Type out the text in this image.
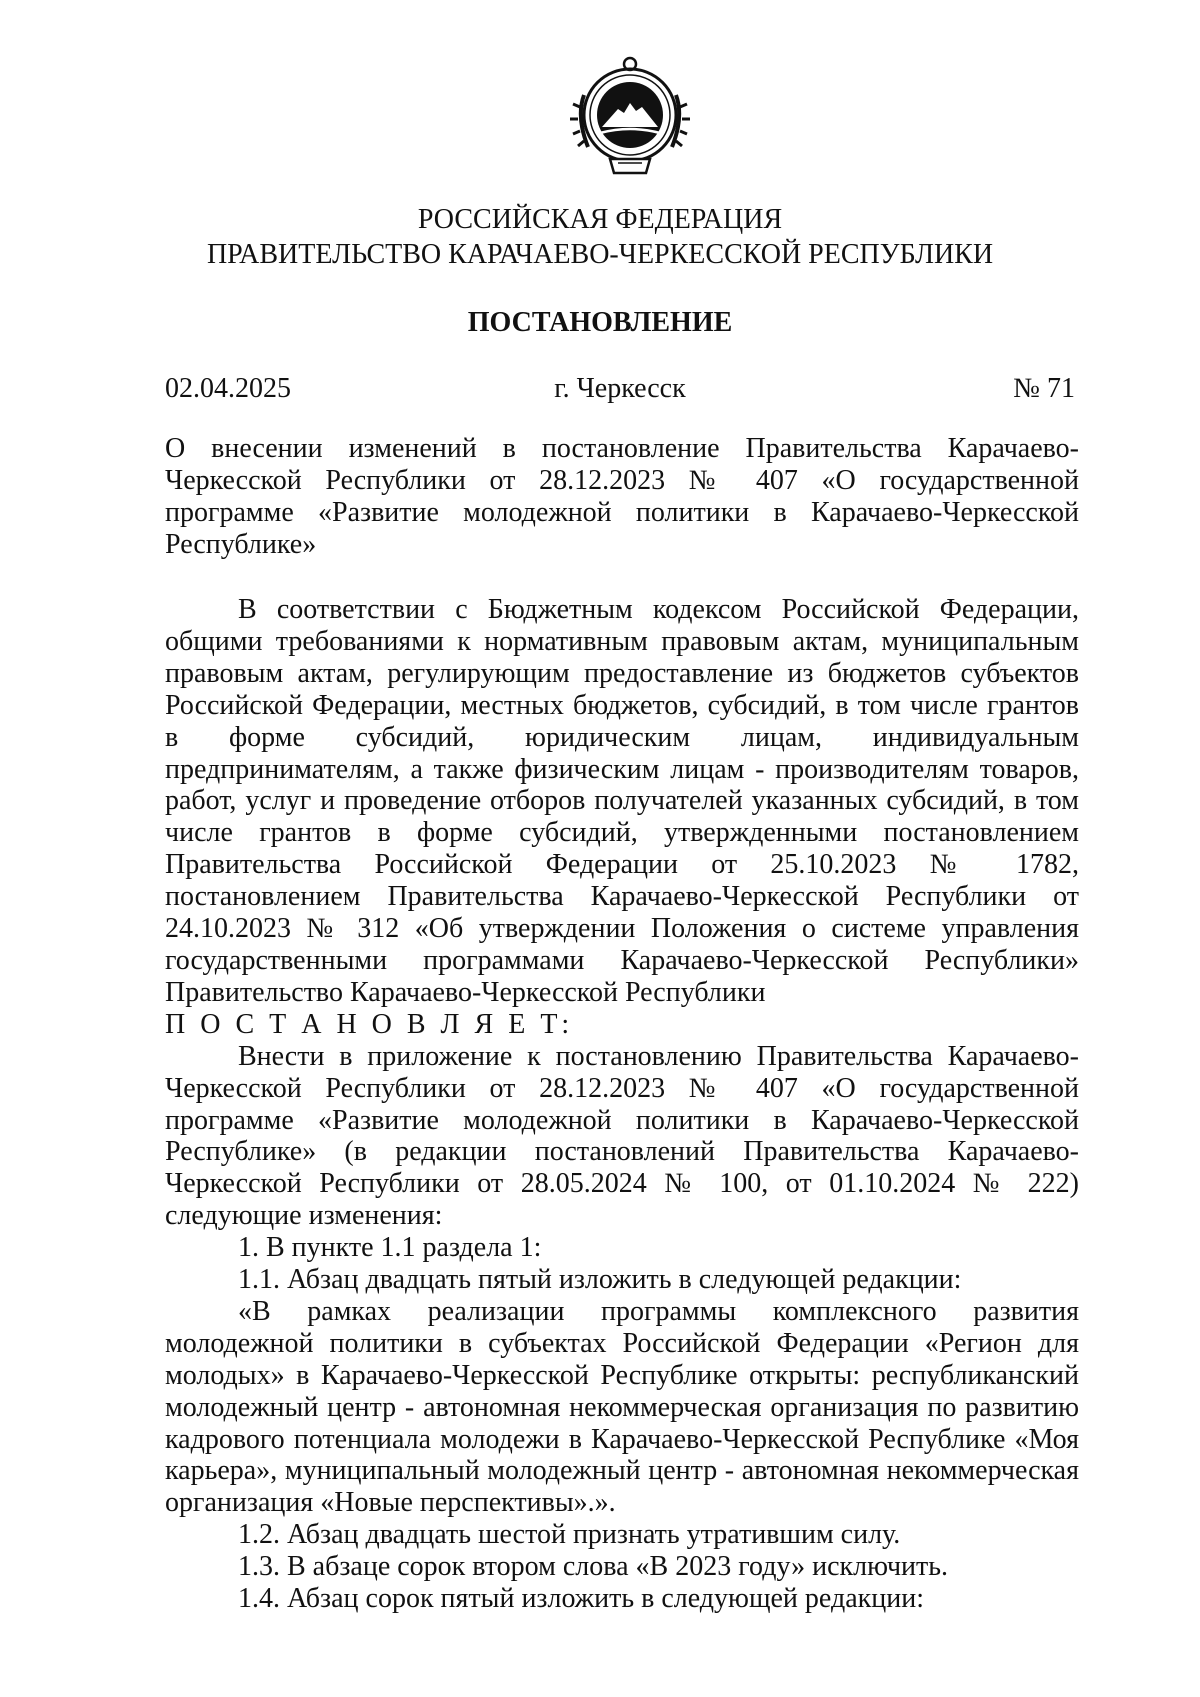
РОССИЙСКАЯ ФЕДЕРАЦИЯ
ПРАВИТЕЛЬСТВО КАРАЧАЕВО-ЧЕРКЕССКОЙ РЕСПУБЛИКИ
ПОСТАНОВЛЕНИЕ
г. Черкесск
02.04.2025	№ 71
О внесении изменений в постановление Правительства Карачаево-Черкесской Республики от 28.12.2023 № 407 «О государственной программе «Развитие молодежной политики в Карачаево-Черкесской Республике»

В соответствии с Бюджетным кодексом Российской Федерации, общими требованиями к нормативным правовым актам, муниципальным правовым актам, регулирующим предоставление из бюджетов субъектов Российской Федерации, местных бюджетов, субсидий, в том числе грантов в форме субсидий, юридическим лицам, индивидуальным предпринимателям, а также физическим лицам - производителям товаров, работ, услуг и проведение отборов получателей указанных субсидий, в том числе грантов в форме субсидий, утвержденными постановлением Правительства Российской Федерации от 25.10.2023 № 1782, постановлением Правительства Карачаево-Черкесской Республики от 24.10.2023 № 312 «Об утверждении Положения о системе управления государственными программами Карачаево-Черкесской Республики» Правительство Карачаево-Черкесской Республики

П О С Т А Н О В Л Я Е Т:

Внести в приложение к постановлению Правительства Карачаево-Черкесской Республики от 28.12.2023 № 407 «О государственной программе «Развитие молодежной политики в Карачаево-Черкесской Республике» (в редакции постановлений Правительства Карачаево-Черкесской Республики от 28.05.2024 № 100, от 01.10.2024 № 222) следующие изменения:

1. В пункте 1.1 раздела 1:

1.1. Абзац двадцать пятый изложить в следующей редакции:

«В рамках реализации программы комплексного развития молодежной политики в субъектах Российской Федерации «Регион для молодых» в Карачаево-Черкесской Республике открыты: республиканский молодежный центр - автономная некоммерческая организация по развитию кадрового потенциала молодежи в Карачаево-Черкесской Республике «Моя карьера», муниципальный молодежный центр - автономная некоммерческая организация «Новые перспективы».».

1.2. Абзац двадцать шестой признать утратившим силу.

1.3. В абзаце сорок втором слова «В 2023 году» исключить.

1.4. Абзац сорок пятый изложить в следующей редакции:
